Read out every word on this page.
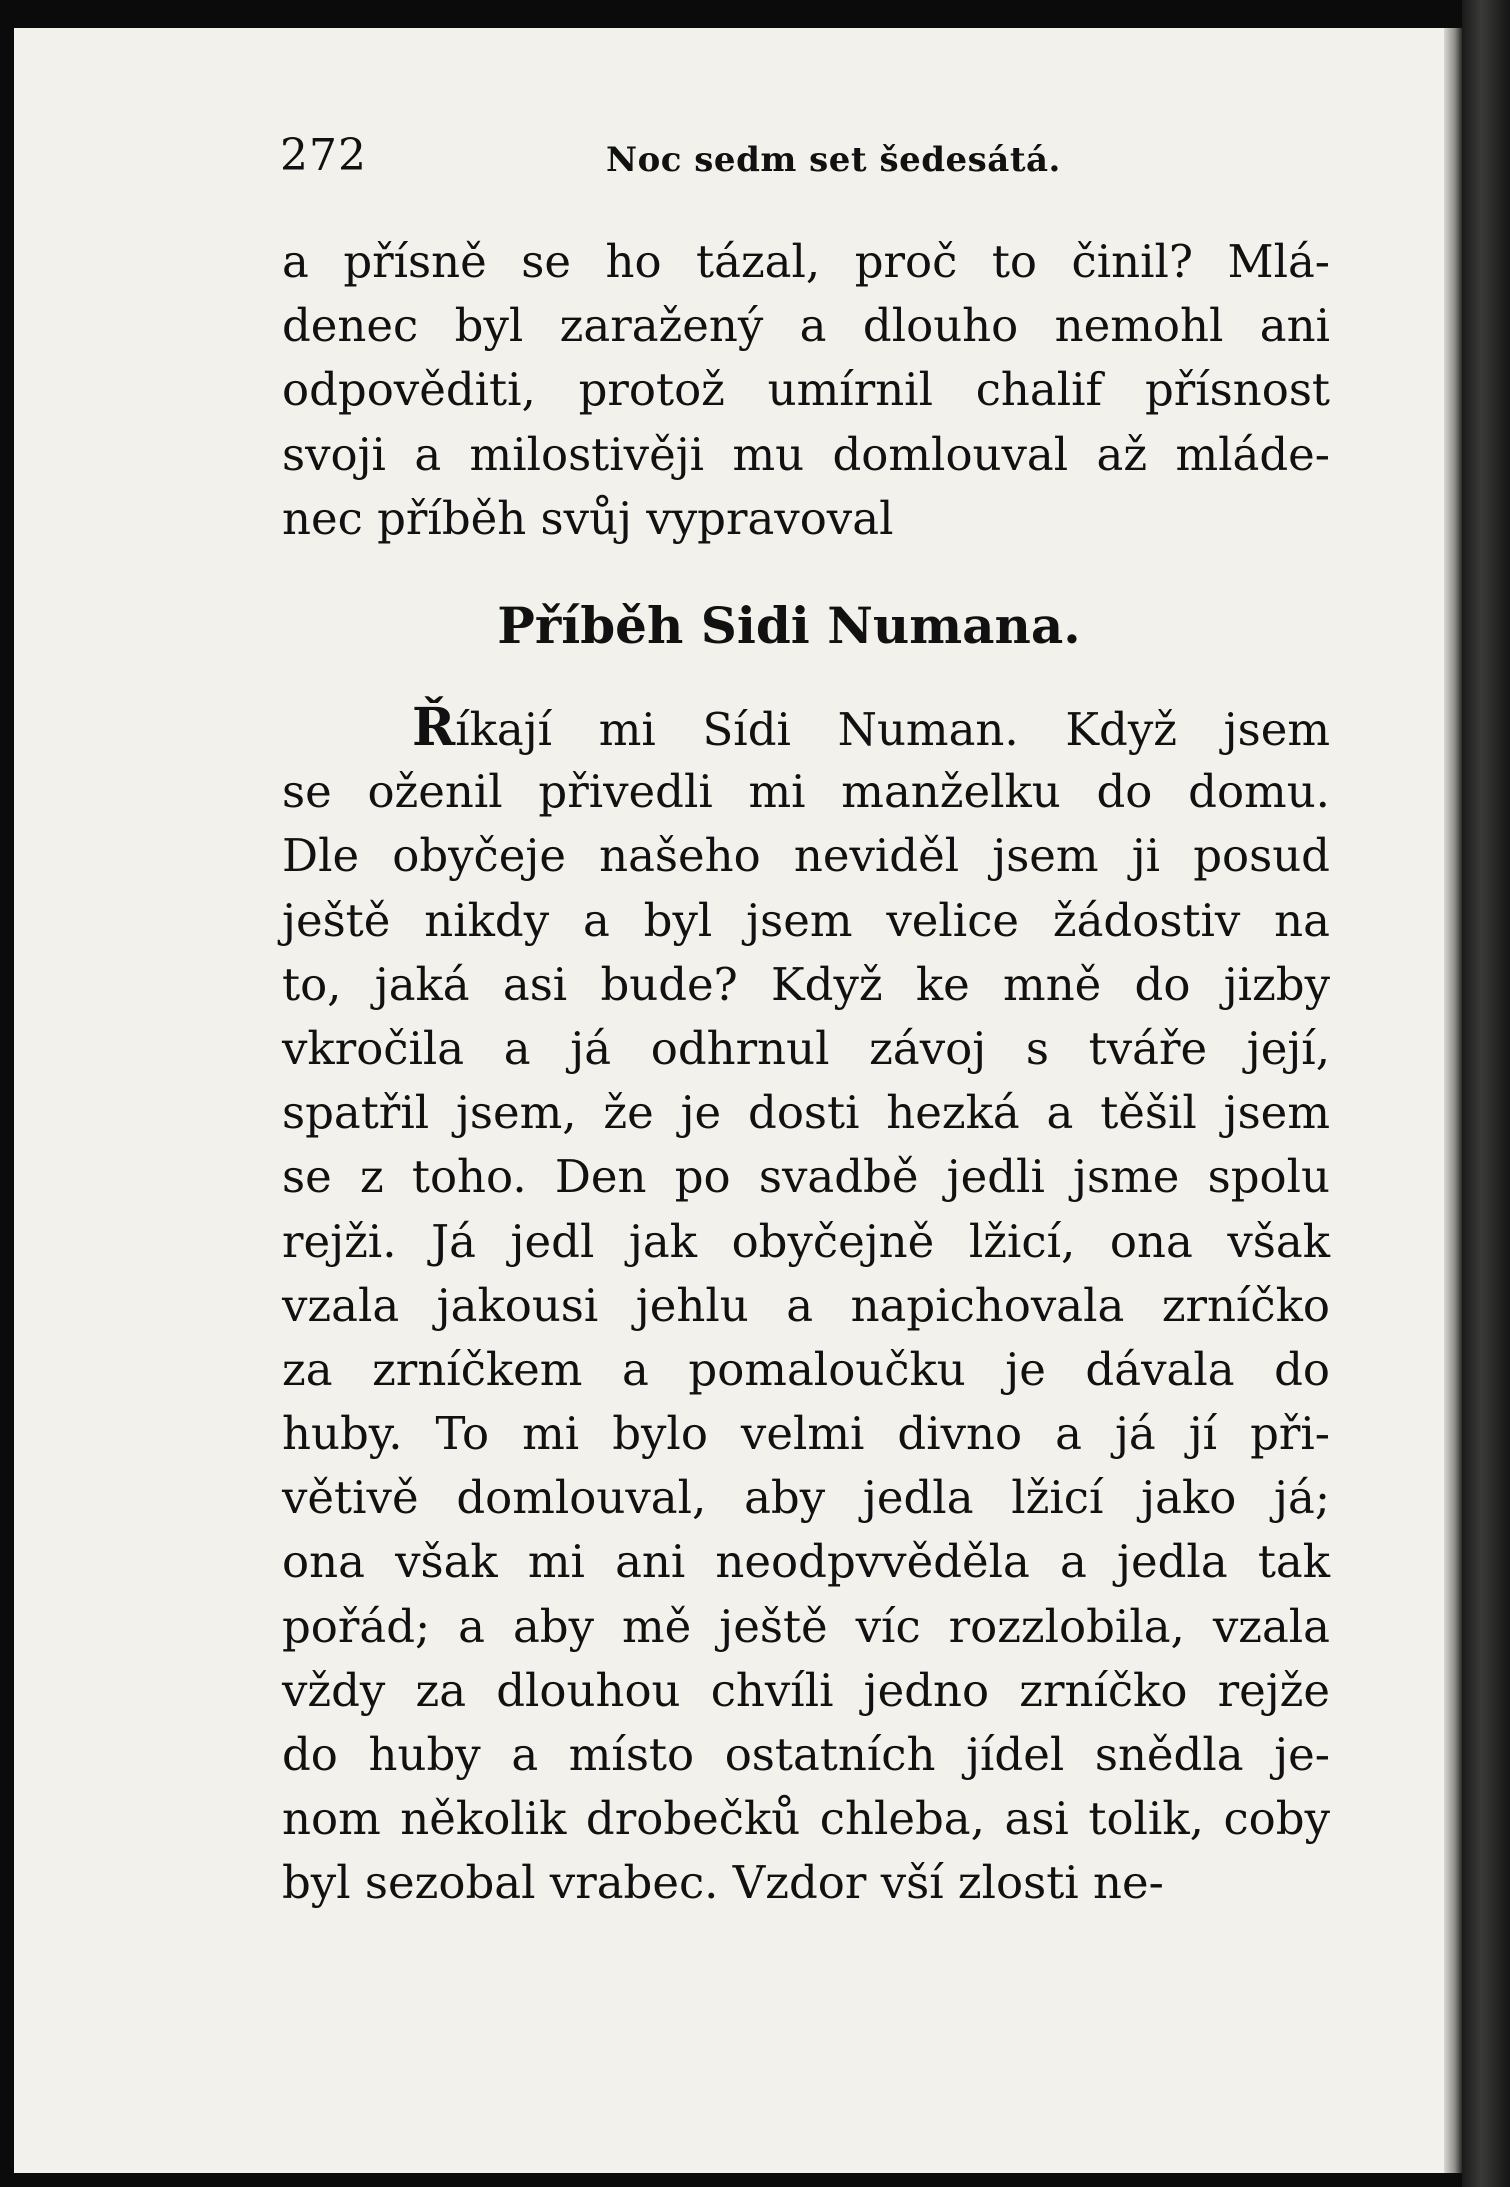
272	Noc sedm set šedesátá.
a přísně se ho tázal, proč to činil? Mlá-
denec byl zaražený a dlouho nemohl ani
odpověditi, protož umírnil chalif přísnost
svoji a milostivěji mu domlouval až mláde-
nec příběh svůj vypravoval
Příběh Sidi Numana.
Říkají mi Sídi Numan. Když jsem
se oženil přivedli mi manželku do domu.
Dle obyčeje našeho neviděl jsem ji posud
ještě nikdy a byl jsem velice žádostiv na
to, jaká asi bude? Když ke mně do jizby
vkročila a já odhrnul závoj s tváře její,
spatřil jsem, že je dosti hezká a těšil jsem
se z toho. Den po svadbě jedli jsme spolu
rejži. Já jedl jak obyčejně lžicí, ona však
vzala jakousi jehlu a napichovala zrníčko
za zrníčkem a pomaloučku je dávala do
huby. To mi bylo velmi divno a já jí při-
větivě domlouval, aby jedla lžicí jako já;
ona však mi ani neodpvvěděla a jedla tak
pořád; a aby mě ještě víc rozzlobila, vzala
vždy za dlouhou chvíli jedno zrníčko rejže
do huby a místo ostatních jídel snědla je-
nom několik drobečků chleba, asi tolik, coby
byl sezobal vrabec. Vzdor vší zlosti ne-
